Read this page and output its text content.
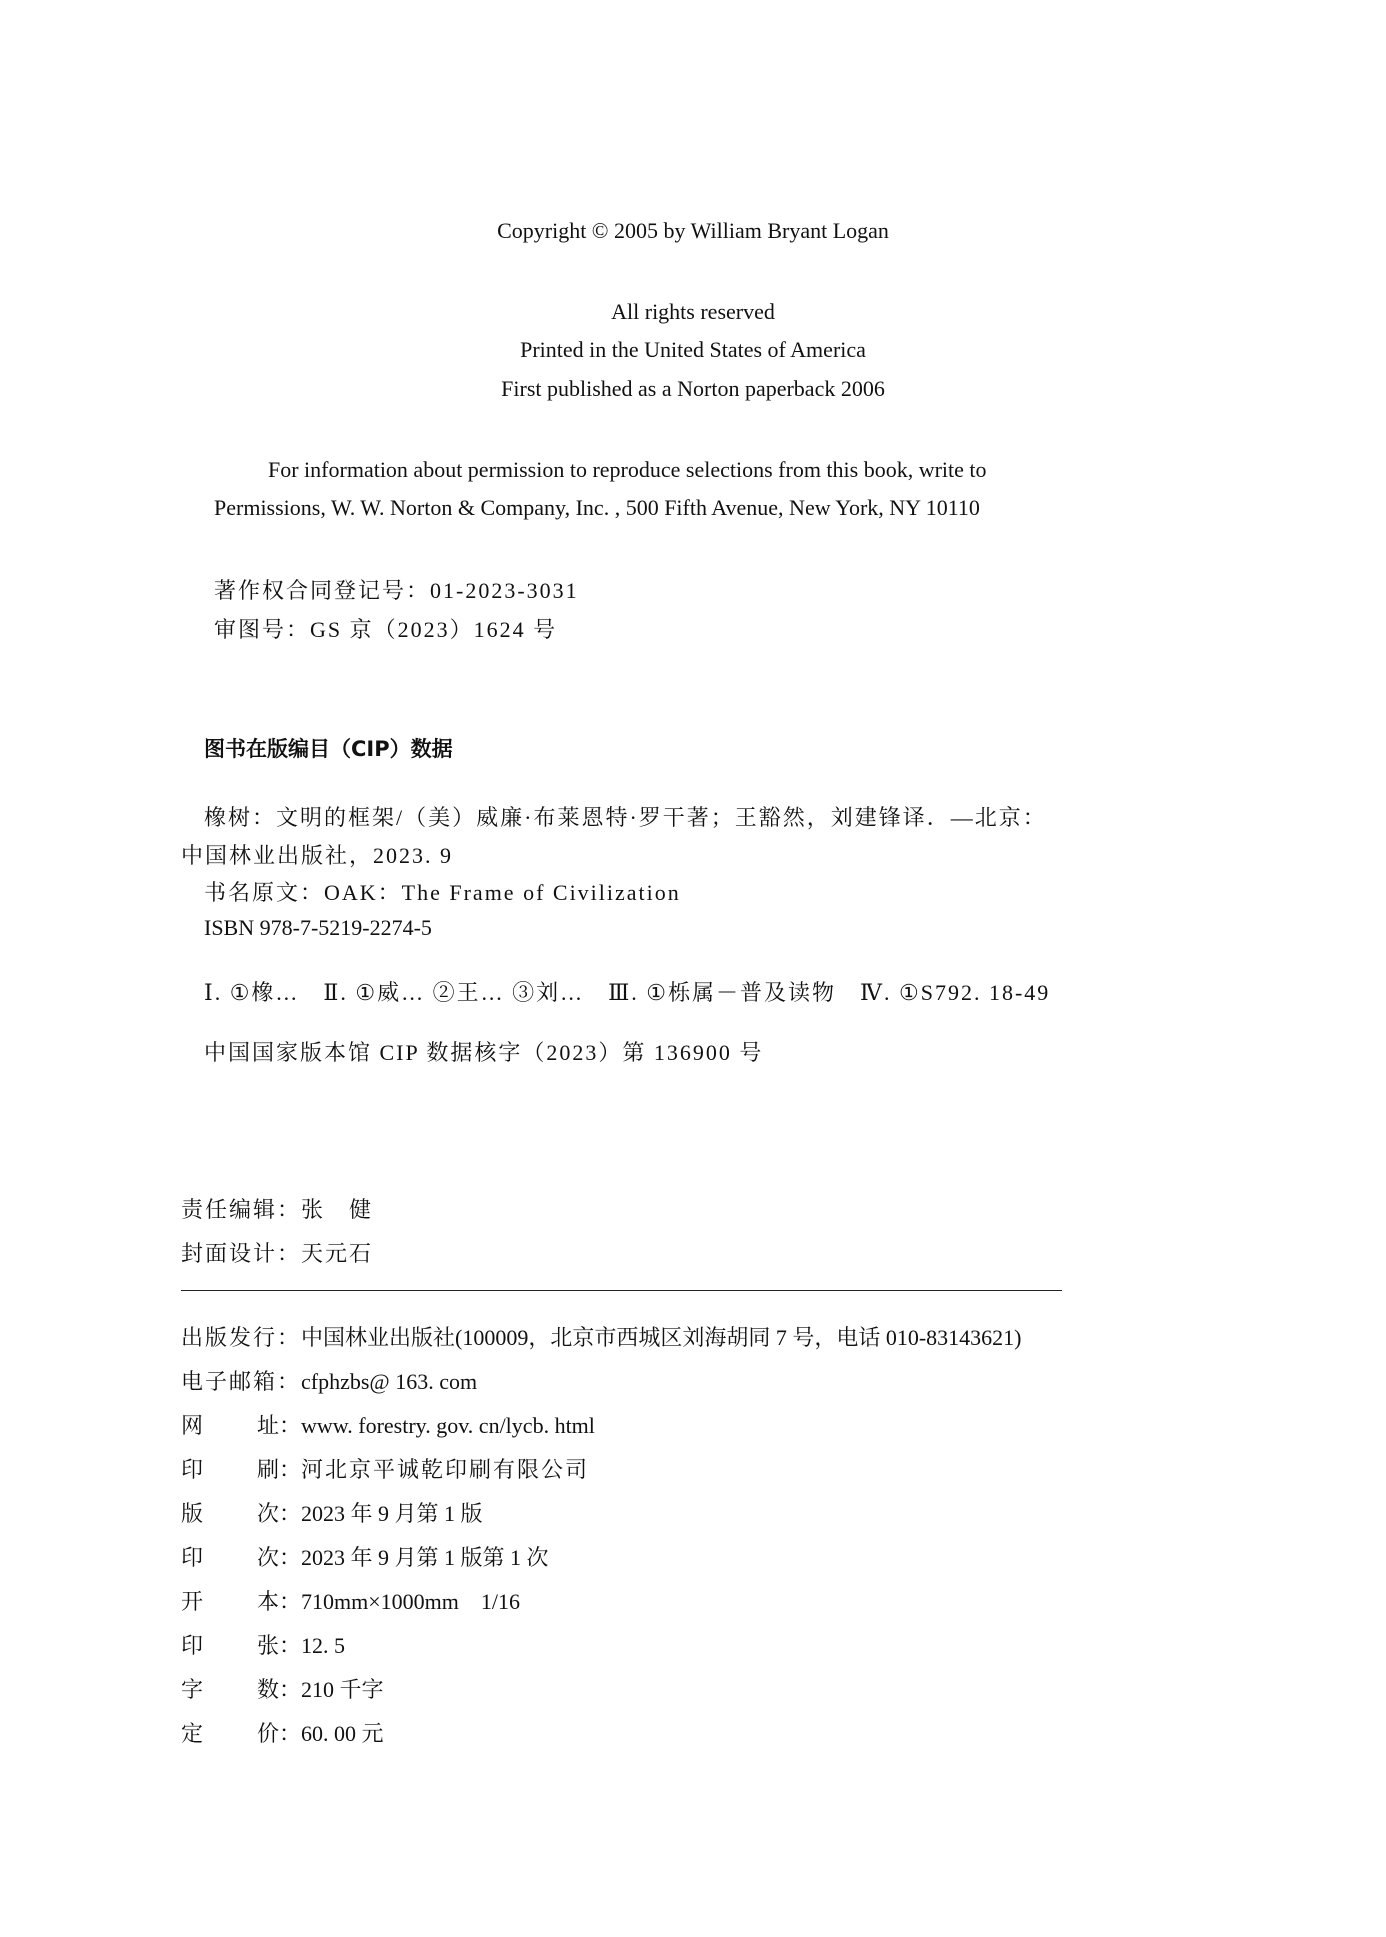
Copyright © 2005 by William Bryant Logan
All rights reserved
Printed in the United States of America
First published as a Norton paperback 2006
For information about permission to reproduce selections from this book, write to
Permissions, W. W. Norton & Company, Inc. , 500 Fifth Avenue, New York, NY 10110
著作权合同登记号：01-2023-3031
审图号：GS 京（2023）1624 号
图书在版编目（CIP）数据
橡树：文明的框架/（美）威廉·布莱恩特·罗干著；王豁然，刘建锋译．—北京：
中国林业出版社，2023. 9
书名原文：OAK：The Frame of Civilization
ISBN 978-7-5219-2274-5
Ⅰ. ①橡…　Ⅱ. ①威… ②王… ③刘…　Ⅲ. ①栎属－普及读物　Ⅳ. ①S792. 18-49
中国国家版本馆 CIP 数据核字（2023）第 136900 号
责任编辑：张　健
封面设计：天元石
出版发行：中国林业出版社(100009，北京市西城区刘海胡同 7 号，电话 010-83143621)
电子邮箱：cfphzbs@ 163. com
网 址：www. forestry. gov. cn/lycb. html
印 刷：河北京平诚乾印刷有限公司
版 次：2023 年 9 月第 1 版
印 次：2023 年 9 月第 1 版第 1 次
开 本：710mm×1000mm　1/16
印 张：12. 5
字 数：210 千字
定 价：60. 00 元
